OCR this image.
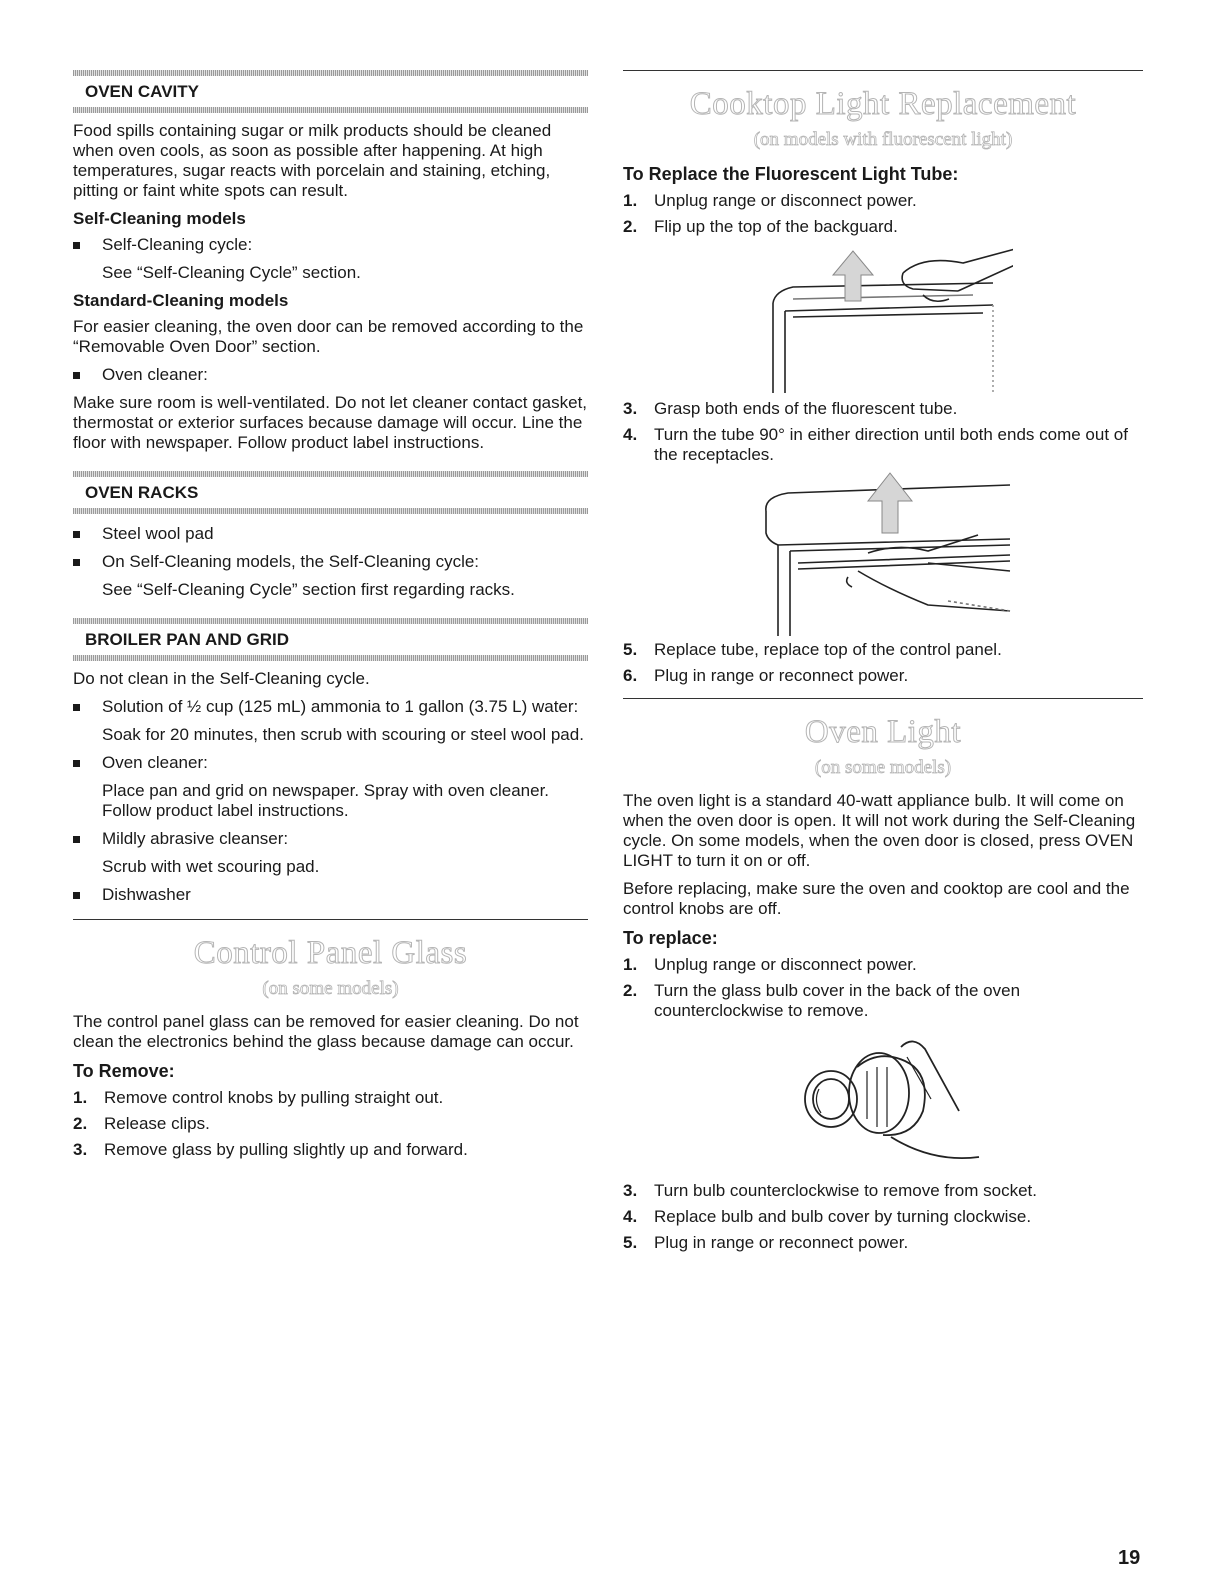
OVEN CAVITY

Food spills containing sugar or milk products should be cleaned when oven cools, as soon as possible after happening. At high temperatures, sugar reacts with porcelain and staining, etching, pitting or faint white spots can result.

Self-Cleaning models
Self-Cleaning cycle:
See “Self-Cleaning Cycle” section.
Standard-Cleaning models

For easier cleaning, the oven door can be removed according to the “Removable Oven Door” section.

Oven cleaner:

Make sure room is well-ventilated. Do not let cleaner contact gasket, thermostat or exterior surfaces because damage will occur. Line the floor with newspaper. Follow product label instructions.

OVEN RACKS
Steel wool pad
On Self-Cleaning models, the Self-Cleaning cycle:
See “Self-Cleaning Cycle” section first regarding racks.
BROILER PAN AND GRID

Do not clean in the Self-Cleaning cycle.

Solution of ½ cup (125 mL) ammonia to 1 gallon (3.75 L) water:
Soak for 20 minutes, then scrub with scouring or steel wool pad.
Oven cleaner:
Place pan and grid on newspaper. Spray with oven cleaner. Follow product label instructions.
Mildly abrasive cleanser:
Scrub with wet scouring pad.
Dishwasher
Control Panel Glass
(on some models)

The control panel glass can be removed for easier cleaning. Do not clean the electronics behind the glass because damage can occur.

To Remove:
1. Remove control knobs by pulling straight out.
2. Release clips.
3. Remove glass by pulling slightly up and forward.
Cooktop Light Replacement
(on models with fluorescent light)
To Replace the Fluorescent Light Tube:
1. Unplug range or disconnect power.
2. Flip up the top of the backguard.
3. Grasp both ends of the fluorescent tube.
4. Turn the tube 90° in either direction until both ends come out of the receptacles.
5. Replace tube, replace top of the control panel.
6. Plug in range or reconnect power.
Oven Light
(on some models)

The oven light is a standard 40-watt appliance bulb. It will come on when the oven door is open. It will not work during the Self-Cleaning cycle. On some models, when the oven door is closed, press OVEN LIGHT to turn it on or off.

Before replacing, make sure the oven and cooktop are cool and the control knobs are off.

To replace:
1. Unplug range or disconnect power.
2. Turn the glass bulb cover in the back of the oven counterclockwise to remove.
3. Turn bulb counterclockwise to remove from socket.
4. Replace bulb and bulb cover by turning clockwise.
5. Plug in range or reconnect power.
19
